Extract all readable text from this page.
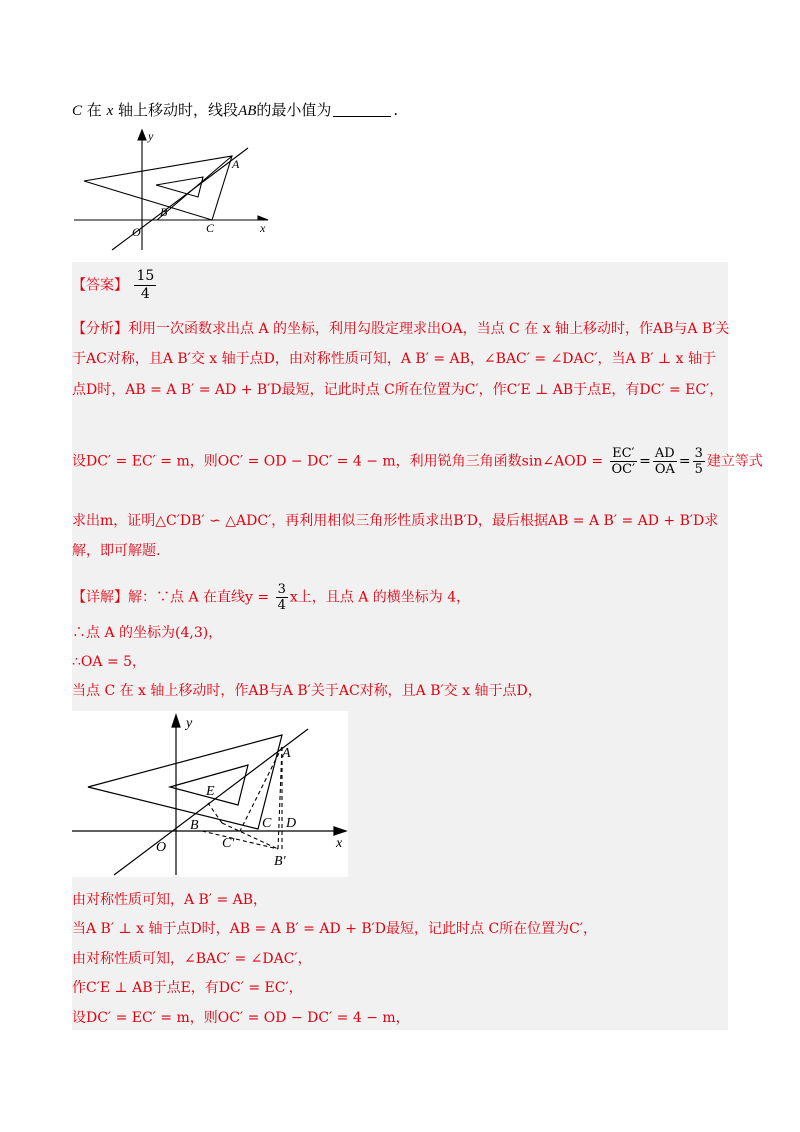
C 在 x 轴上移动时，线段AB的最小值为	.
y
x
O
A
B
C
【答案】 $\frac{15}{4}$
【分析】利用一次函数求出点 A 的坐标，利用勾股定理求出OA，当点 C 在 x 轴上移动时，作AB与A B′关
于AC对称，且A B′交 x 轴于点D，由对称性质可知，A B′ = AB，∠BAC′ = ∠DAC′，当A B′ ⊥ x 轴于
点D时，AB = A B′ = AD + B′D最短，记此时点 C所在位置为C′，作C′E ⊥ AB于点E，有DC′ = EC′，
设DC′ = EC′ = m，则OC′ = OD − DC′ = 4 − m，利用锐角三角函数sin∠AOD = $\frac{EC'}{OC'} = \frac{AD}{OA} = \frac{3}{5}$ 建立等式
求出m，证明△C′DB′ ∽ △ADC′，再利用相似三角形性质求出B′D，最后根据AB = A B′ = AD + B′D求
解，即可解题.
【详解】解：∵点 A 在直线$y = \frac{3}{4}$ x上，且点 A 的横坐标为 4，
∴点 A 的坐标为(4,3)，
∴OA = 5，
当点 C 在 x 轴上移动时，作AB与A B′关于AC对称，且A B′交 x 轴于点D，
y
x
O
A
B	C D
E
C′
B′
由对称性质可知，A B′ = AB，
当A B′ ⊥ x 轴于点D时，AB = A B′ = AD + B′D最短，记此时点 C所在位置为C′，
由对称性质可知，∠BAC′ = ∠DAC′，
作C′E ⊥ AB于点E，有DC′ = EC′，
设DC′ = EC′ = m，则OC′ = OD − DC′ = 4 − m，
